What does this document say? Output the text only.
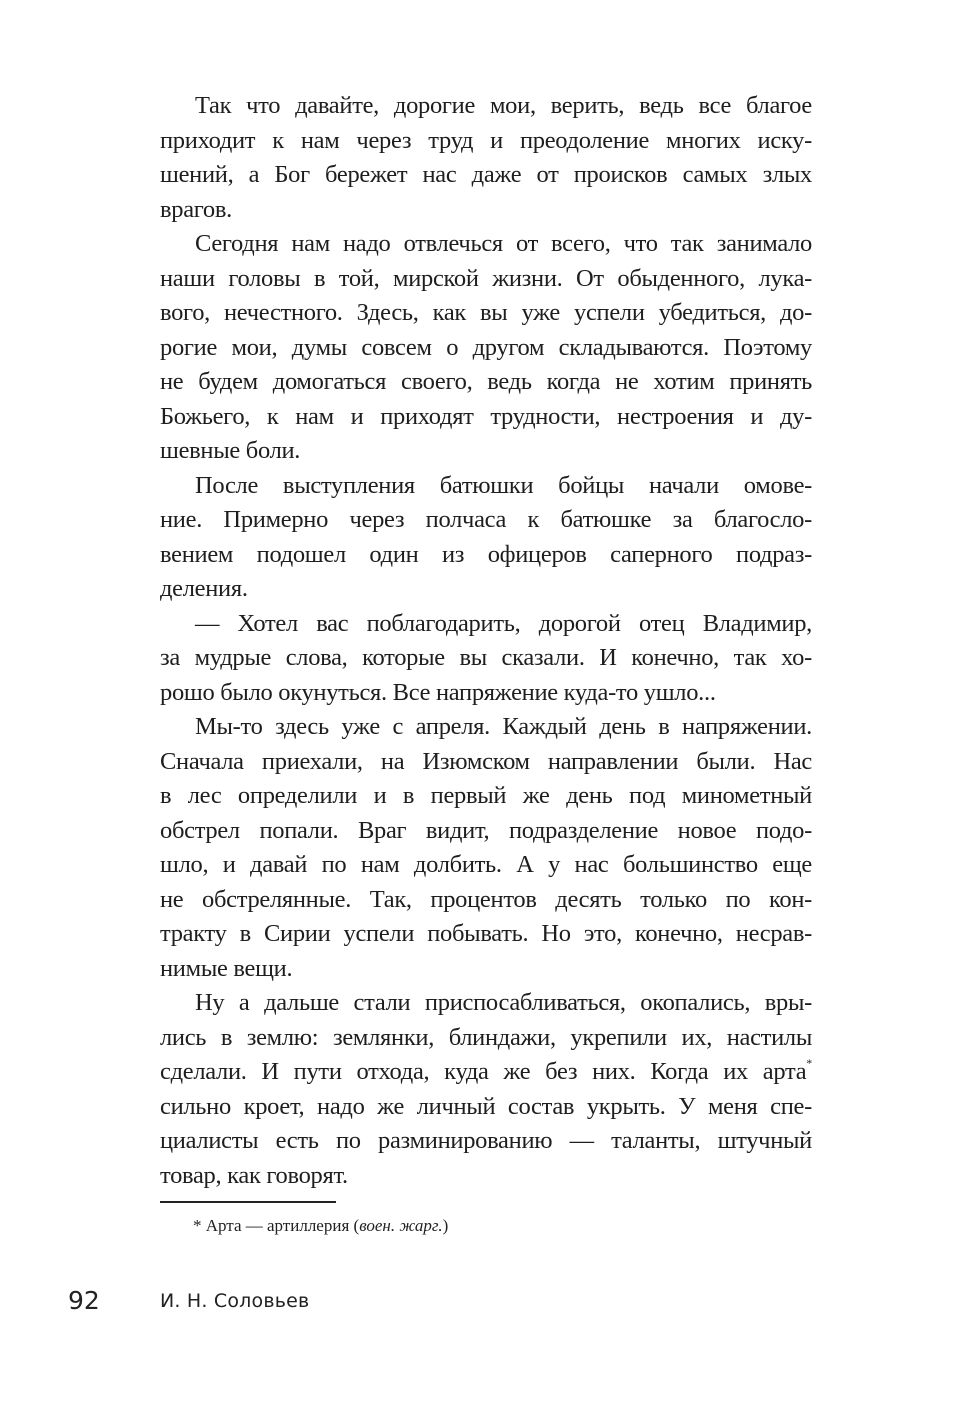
Так что давайте, дорогие мои, верить, ведь все благое
приходит к нам через труд и преодоление многих иску-
шений, а Бог бережет нас даже от происков самых злых
врагов.

Сегодня нам надо отвлечься от всего, что так занимало
наши головы в той, мирской жизни. От обыденного, лука-
вого, нечестного. Здесь, как вы уже успели убедиться, до-
рогие мои, думы совсем о другом складываются. Поэтому
не будем домогаться своего, ведь когда не хотим принять
Божьего, к нам и приходят трудности, нестроения и ду-
шевные боли.

После выступления батюшки бойцы начали омове-
ние. Примерно через полчаса к батюшке за благосло-
вением подошел один из офицеров саперного подраз-
деления.

— Хотел вас поблагодарить, дорогой отец Владимир,
за мудрые слова, которые вы сказали. И конечно, так хо-
рошо было окунуться. Все напряжение куда-то ушло...

Мы-то здесь уже с апреля. Каждый день в напряжении.
Сначала приехали, на Изюмском направлении были. Нас
в лес определили и в первый же день под минометный
обстрел попали. Враг видит, подразделение новое подо-
шло, и давай по нам долбить. А у нас большинство еще
не обстрелянные. Так, процентов десять только по кон-
тракту в Сирии успели побывать. Но это, конечно, несрав-
нимые вещи.

Ну а дальше стали приспосабливаться, окопались, вры-
лись в землю: землянки, блиндажи, укрепили их, настилы
сделали. И пути отхода, куда же без них. Когда их арта*
сильно кроет, надо же личный состав укрыть. У меня спе-
циалисты есть по разминированию — таланты, штучный
товар, как говорят.

* Арта — артиллерия (воен. жарг.)
92	И. Н. Соловьев
